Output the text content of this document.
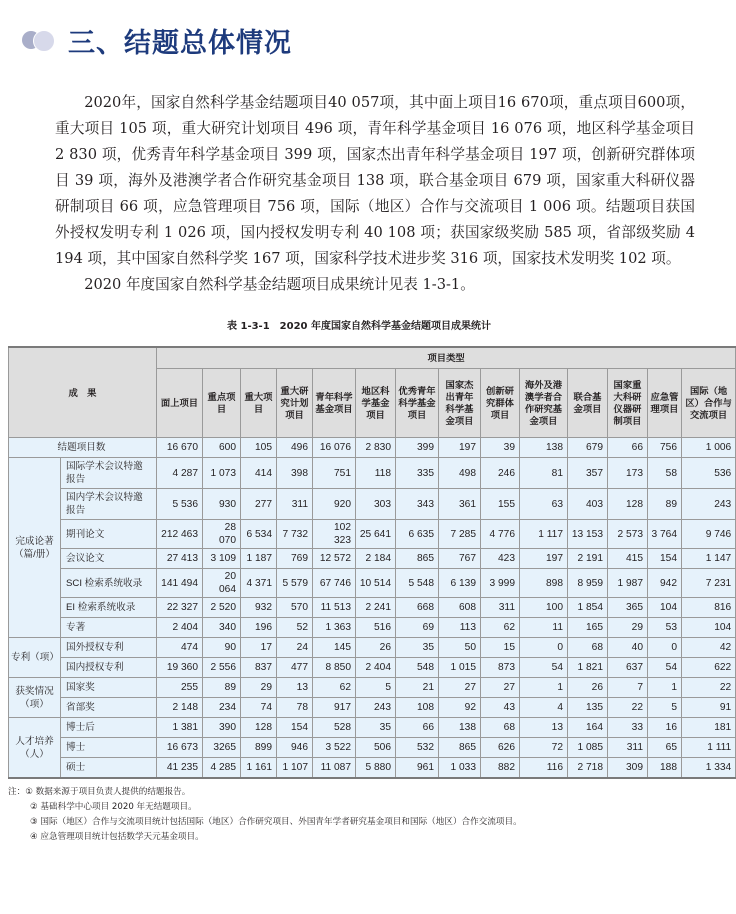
三、结题总体情况

2020年，国家自然科学基金结题项目40 057项，其中面上项目16 670项，重点项目600项，重大项目 105 项，重大研究计划项目 496 项，青年科学基金项目 16 076 项，地区科学基金项目 2 830 项，优秀青年科学基金项目 399 项，国家杰出青年科学基金项目 197 项，创新研究群体项目 39 项，海外及港澳学者合作研究基金项目 138 项，联合基金项目 679 项，国家重大科研仪器研制项目 66 项，应急管理项目 756 项，国际（地区）合作与交流项目 1 006 项。结题项目获国外授权发明专利 1 026 项，国内授权发明专利 40 108 项；获国家级奖励 585 项，省部级奖励 4 194 项，其中国家自然科学奖 167 项，国家科学技术进步奖 316 项，国家技术发明奖 102 项。

2020 年度国家自然科学基金结题项目成果统计见表 1-3-1。

表 1-3-1　2020 年度国家自然科学基金结题项目成果统计
成　果		项目类型													
		面上项目	重点项目	重大项目	重大研究计划项目	青年科学基金项目	地区科学基金项目	优秀青年科学基金项目	国家杰出青年科学基金项目	创新研究群体项目	海外及港澳学者合作研究基金项目	联合基金项目	国家重大科研仪器研制项目	应急管理项目	国际（地区）合作与交流项目
结题项目数		16 670	600	105	496	16 076	2 830	399	197	39	138	679	66	756	1 006
完成论著（篇/册）	国际学术会议特邀报告	4 287	1 073	414	398	751	118	335	498	246	81	357	173	58	536
	国内学术会议特邀报告	5 536	930	277	311	920	303	343	361	155	63	403	128	89	243
	期刊论文	212 463	28 070	6 534	7 732	102 323	25 641	6 635	7 285	4 776	1 117	13 153	2 573	3 764	9 746
	会议论文	27 413	3 109	1 187	769	12 572	2 184	865	767	423	197	2 191	415	154	1 147
	SCI 检索系统收录	141 494	20 064	4 371	5 579	67 746	10 514	5 548	6 139	3 999	898	8 959	1 987	942	7 231
	EI 检索系统收录	22 327	2 520	932	570	11 513	2 241	668	608	311	100	1 854	365	104	816
	专著	2 404	340	196	52	1 363	516	69	113	62	11	165	29	53	104
专利（项）	国外授权专利	474	90	17	24	145	26	35	50	15	0	68	40	0	42
	国内授权专利	19 360	2 556	837	477	8 850	2 404	548	1 015	873	54	1 821	637	54	622
获奖情况（项）	国家奖	255	89	29	13	62	5	21	27	27	1	26	7	1	22
	省部奖	2 148	234	74	78	917	243	108	92	43	4	135	22	5	91
人才培养（人）	博士后	1 381	390	128	154	528	35	66	138	68	13	164	33	16	181
	博士	16 673	3265	899	946	3 522	506	532	865	626	72	1 085	311	65	1 111
	硕士	41 235	4 285	1 161	1 107	11 087	5 880	961	1 033	882	116	2 718	309	188	1 334
注：① 数据来源于项目负责人提供的结题报告。
② 基础科学中心项目 2020 年无结题项目。
③ 国际（地区）合作与交流项目统计包括国际（地区）合作研究项目、外国青年学者研究基金项目和国际（地区）合作交流项目。
④ 应急管理项目统计包括数学天元基金项目。
